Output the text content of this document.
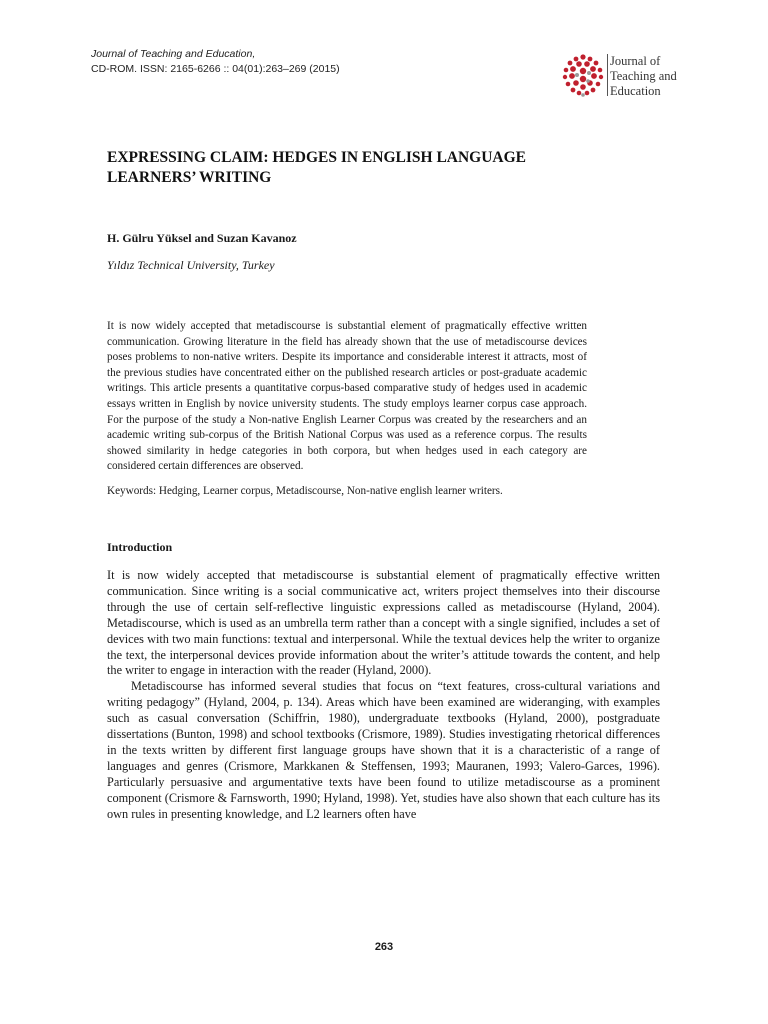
Journal of Teaching and Education,
CD-ROM. ISSN: 2165-6266 :: 04(01):263–269 (2015)
Journal of
Teaching and
Education
EXPRESSING CLAIM: HEDGES IN ENGLISH LANGUAGE LEARNERS’ WRITING
H. Gülru Yüksel and Suzan Kavanoz
Yıldız Technical University, Turkey

It is now widely accepted that metadiscourse is substantial element of pragmatically effective written communication. Growing literature in the field has already shown that the use of metadiscourse devices poses problems to non-native writers. Despite its importance and considerable interest it attracts, most of the previous studies have concentrated either on the published research articles or post-graduate academic writings. This article presents a quantitative corpus-based comparative study of hedges used in academic essays written in English by novice university students. The study employs learner corpus case approach. For the purpose of the study a Non-native English Learner Corpus was created by the researchers and an academic writing sub-corpus of the British National Corpus was used as a reference corpus. The results showed similarity in hedge categories in both corpora, but when hedges used in each category are considered certain differences are observed.

Keywords: Hedging, Learner corpus, Metadiscourse, Non-native english learner writers.
Introduction

It is now widely accepted that metadiscourse is substantial element of pragmatically effective written communication. Since writing is a social communicative act, writers project themselves into their discourse through the use of certain self-reflective linguistic expressions called as metadiscourse (Hyland, 2004). Metadiscourse, which is used as an umbrella term rather than a concept with a single signified, includes a set of devices with two main functions: textual and interpersonal. While the textual devices help the writer to organize the text, the interpersonal devices provide information about the writer’s attitude towards the content, and help the writer to engage in interaction with the reader (Hyland, 2000).

Metadiscourse has informed several studies that focus on “text features, cross-cultural variations and writing pedagogy” (Hyland, 2004, p. 134). Areas which have been examined are wideranging, with examples such as casual conversation (Schiffrin, 1980), undergraduate textbooks (Hyland, 2000), postgraduate dissertations (Bunton, 1998) and school textbooks (Crismore, 1989). Studies investigating rhetorical differences in the texts written by different first language groups have shown that it is a characteristic of a range of languages and genres (Crismore, Markkanen & Steffensen, 1993; Mauranen, 1993; Valero-Garces, 1996). Particularly persuasive and argumentative texts have been found to utilize metadiscourse as a prominent component (Crismore & Farnsworth, 1990; Hyland, 1998). Yet, studies have also shown that each culture has its own rules in presenting knowledge, and L2 learners often have

263
